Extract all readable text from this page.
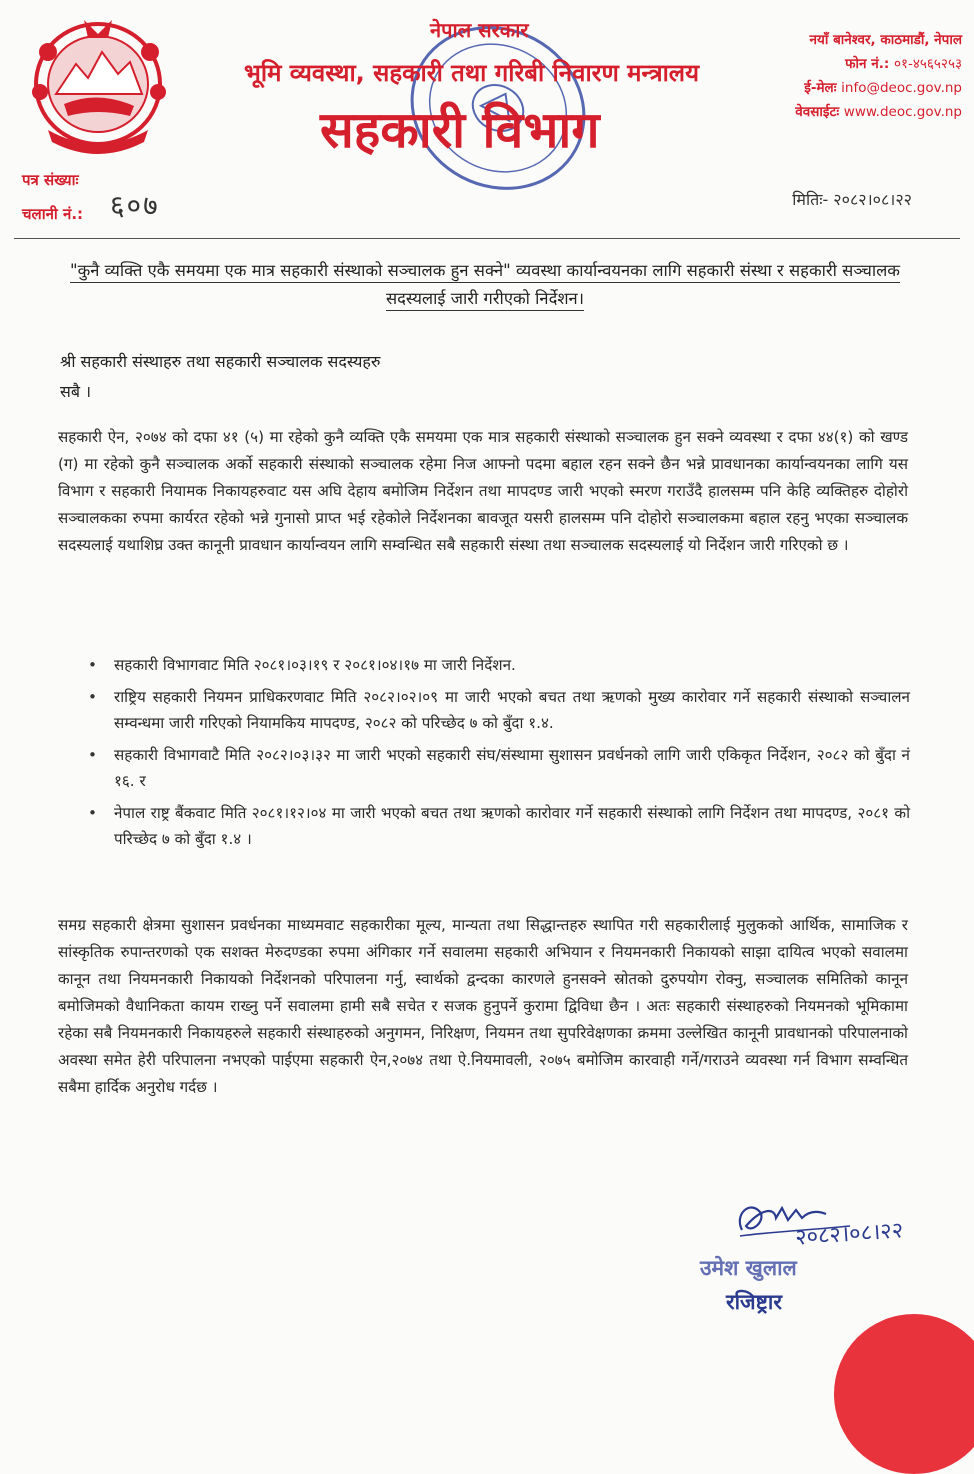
नेपाल सरकार
भूमि व्यवस्था, सहकारी तथा गरिबी निवारण मन्त्रालय
सहकारी विभाग
नयाँ बानेश्वर, काठमाडौं, नेपाल
फोन नं.: ०१-४५६५२५३
ई-मेलः info@deoc.gov.np
वेवसाईटः www.deoc.gov.np
पत्र संख्याः
चलानी नं.: ६०७	मितिः- २०८२।०८।२२
"कुनै व्यक्ति एकै समयमा एक मात्र सहकारी संस्थाको सञ्चालक हुन सक्ने" व्यवस्था कार्यान्वयनका लागि सहकारी संस्था र सहकारी सञ्चालक सदस्यलाई जारी गरीएको निर्देशन।
श्री सहकारी संस्थाहरु तथा सहकारी सञ्चालक सदस्यहरु
सबै ।
सहकारी ऐन, २०७४ को दफा ४१ (५) मा रहेको कुनै व्यक्ति एकै समयमा एक मात्र सहकारी संस्थाको सञ्चालक हुन सक्ने व्यवस्था र दफा ४४(१) को खण्ड (ग) मा रहेको कुनै सञ्चालक अर्को सहकारी संस्थाको सञ्चालक रहेमा निज आफ्नो पदमा बहाल रहन सक्ने छैन भन्ने प्रावधानका कार्यान्वयनका लागि यस विभाग र सहकारी नियामक निकायहरुवाट यस अघि देहाय बमोजिम निर्देशन तथा मापदण्ड जारी भएको स्मरण गराउँदै हालसम्म पनि केहि व्यक्तिहरु दोहोरो सञ्चालकका रुपमा कार्यरत रहेको भन्ने गुनासो प्राप्त भई रहेकोले निर्देशनका बावजूत यसरी हालसम्म पनि दोहोरो सञ्चालकमा बहाल रहनु भएका सञ्चालक सदस्यलाई यथाशिघ्र उक्त कानूनी प्रावधान कार्यान्वयन लागि सम्वन्धित सबै सहकारी संस्था तथा सञ्चालक सदस्यलाई यो निर्देशन जारी गरिएको छ ।
• सहकारी विभागवाट मिति २०८१।०३।१९ र २०८१।०४।१७ मा जारी निर्देशन.
• राष्ट्रिय सहकारी नियमन प्राधिकरणवाट मिति २०८२।०२।०९ मा जारी भएको बचत तथा ऋणको मुख्य कारोवार गर्ने सहकारी संस्थाको सञ्चालन सम्वन्धमा जारी गरिएको नियामकिय मापदण्ड, २०८२ को परिच्छेद ७ को बुँदा १.४.
• सहकारी विभागवाटै मिति २०८२।०३।३२ मा जारी भएको सहकारी संघ/संस्थामा सुशासन प्रवर्धनको लागि जारी एकिकृत निर्देशन, २०८२ को बुँदा नं १६. र
• नेपाल राष्ट्र बैंकवाट मिति २०८१।१२।०४ मा जारी भएको बचत तथा ऋणको कारोवार गर्ने सहकारी संस्थाको लागि निर्देशन तथा मापदण्ड, २०८१ को परिच्छेद ७ को बुँदा १.४ ।
समग्र सहकारी क्षेत्रमा सुशासन प्रवर्धनका माध्यमवाट सहकारीका मूल्य, मान्यता तथा सिद्धान्तहरु स्थापित गरी सहकारीलाई मुलुकको आर्थिक, सामाजिक र सांस्कृतिक रुपान्तरणको एक सशक्त मेरुदण्डका रुपमा अंगिकार गर्ने सवालमा सहकारी अभियान र नियमनकारी निकायको साझा दायित्व भएको सवालमा कानून तथा नियमनकारी निकायको निर्देशनको परिपालना गर्नु, स्वार्थको द्वन्दका कारणले हुनसक्ने स्रोतको दुरुपयोग रोक्नु, सञ्चालक समितिको कानून बमोजिमको वैधानिकता कायम राख्नु पर्ने सवालमा हामी सबै सचेत र सजक हुनुपर्ने कुरामा द्विविधा छैन । अतः सहकारी संस्थाहरुको नियमनको भूमिकामा रहेका सबै नियमनकारी निकायहरुले सहकारी संस्थाहरुको अनुगमन, निरिक्षण, नियमन तथा सुपरिवेक्षणका क्रममा उल्लेखित कानूनी प्रावधानको परिपालनाको अवस्था समेत हेरी परिपालना नभएको पाईएमा सहकारी ऐन,२०७४ तथा ऐ.नियमावली, २०७५ बमोजिम कारवाही गर्ने/गराउने व्यवस्था गर्न विभाग सम्वन्धित सबैमा हार्दिक अनुरोध गर्दछ ।
२०८२।०८।२२
उमेश खुलाल
रजिष्ट्रार
